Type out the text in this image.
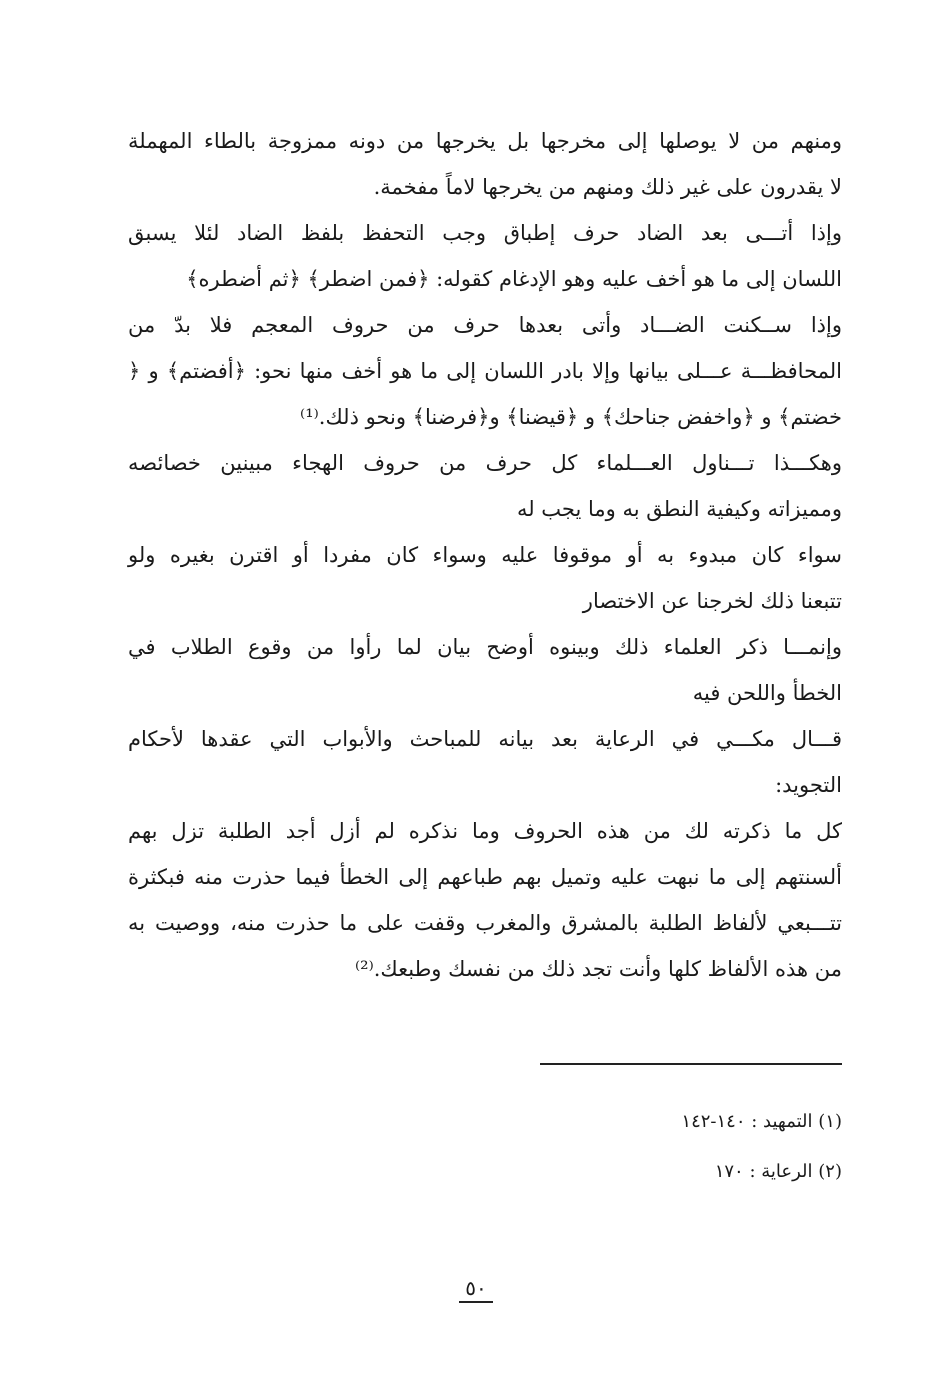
ومنهم من لا يوصلها إلى مخرجها بل يخرجها من دونه ممزوجة بالطاء المهملة
لا يقدرون على غير ذلك ومنهم من يخرجها لاماً مفخمة.

وإذا أتـــى بعد الضاد حرف إطباق وجب التحفظ بلفظ الضاد لئلا يسبق
اللسان إلى ما هو أخف عليه وهو الإدغام كقوله: ﴿فمن اضطر﴾ ﴿ثم أضطره﴾

وإذا ســكنت الضـــاد وأتى بعدها حرف من حروف المعجم فلا بدّ من
المحافظـــة عـــلى بيانها وإلا بادر اللسان إلى ما هو أخف منها نحو: ﴿أفضتم﴾ و ﴿
خضتم﴾ و ﴿واخفض جناحك﴾ و ﴿قيضنا﴾ و﴿فرضنا﴾ ونحو ذلك.⁽¹⁾

وهكـــذا تـــناول العـــلماء كل حرف من حروف الهجاء مبينين خصائصه
ومميزاته وكيفية النطق به وما يجب له

سواء كان مبدوء به أو موقوفا عليه وسواء كان مفردا أو اقترن بغيره ولو
تتبعنا ذلك لخرجنا عن الاختصار

وإنمـــا ذكر العلماء ذلك وبينوه أوضح بيان لما رأوا من وقوع الطلاب في
الخطأ واللحن فيه

قـــال مكـــي في الرعاية بعد بيانه للمباحث والأبواب التي عقدها لأحكام
التجويد:

كل ما ذكرته لك من هذه الحروف وما نذكره لم أزل أجد الطلبة تزل بهم
ألسنتهم إلى ما نبهت عليه وتميل بهم طباعهم إلى الخطأ فيما حذرت منه فبكثرة
تتـــبعي لألفاظ الطلبة بالمشرق والمغرب وقفت على ما حذرت منه، ووصيت به
من هذه الألفاظ كلها وأنت تجد ذلك من نفسك وطبعك.⁽²⁾

(١) التمهيد : ١٤٠-١٤٢
(٢) الرعاية : ١٧٠
٥٠
